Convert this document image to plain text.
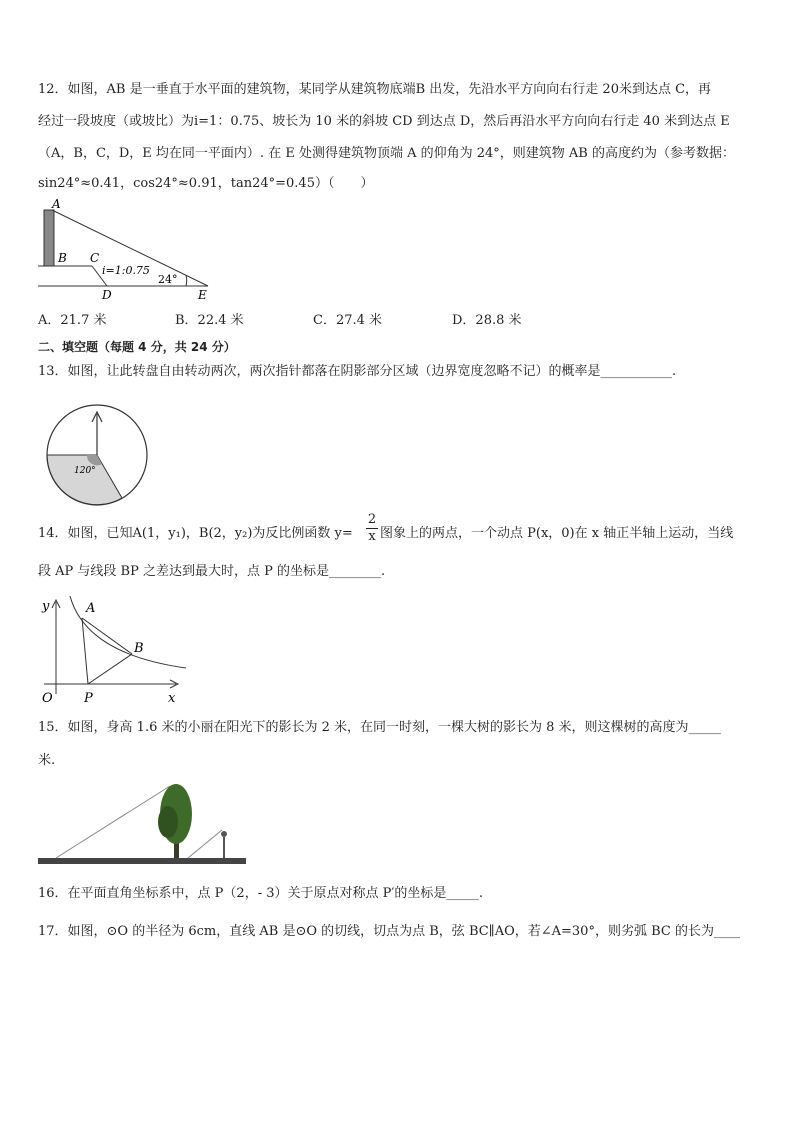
12．如图，AB 是一垂直于水平面的建筑物，某同学从建筑物底端B 出发，先沿水平方向向右行走 20米到达点 C，再
经过一段坡度（或坡比）为i=1：0.75、坡长为 10 米的斜坡 CD 到达点 D，然后再沿水平方向向右行走 40 米到达点 E
（A，B，C，D，E 均在同一平面内）. 在 E 处测得建筑物顶端 A 的仰角为 24°，则建筑物 AB 的高度约为（参考数据：
sin24°≈0.41，cos24°≈0.91，tan24°=0.45）（　　）
A
B C
D	E
i=1:0.75
24°
A．21.7 米	B．22.4 米	C．27.4 米	D．28.8 米
二、填空题（每题 4 分，共 24 分）
13．如图，让此转盘自由转动两次，两次指针都落在阴影部分区域（边界宽度忽略不记）的概率是___________.
120°
14．如图，已知A(1，y₁)，B(2，y₂)为反比例函数 y=
2
x 图象上的两点，一个动点 P(x，0)在 x 轴正半轴上运动，当线
段 AP 与线段 BP 之差达到最大时，点 P 的坐标是________.
y
x
O
A
B
P
15．如图，身高 1.6 米的小丽在阳光下的影长为 2 米，在同一时刻，一棵大树的影长为 8 米，则这棵树的高度为_____
米.
16．在平面直角坐标系中，点 P（2，- 3）关于原点对称点 P′的坐标是_____.
17．如图，⊙O 的半径为 6cm，直线 AB 是⊙O 的切线，切点为点 B，弦 BC∥AO，若∠A=30°，则劣弧 BC 的长为____
